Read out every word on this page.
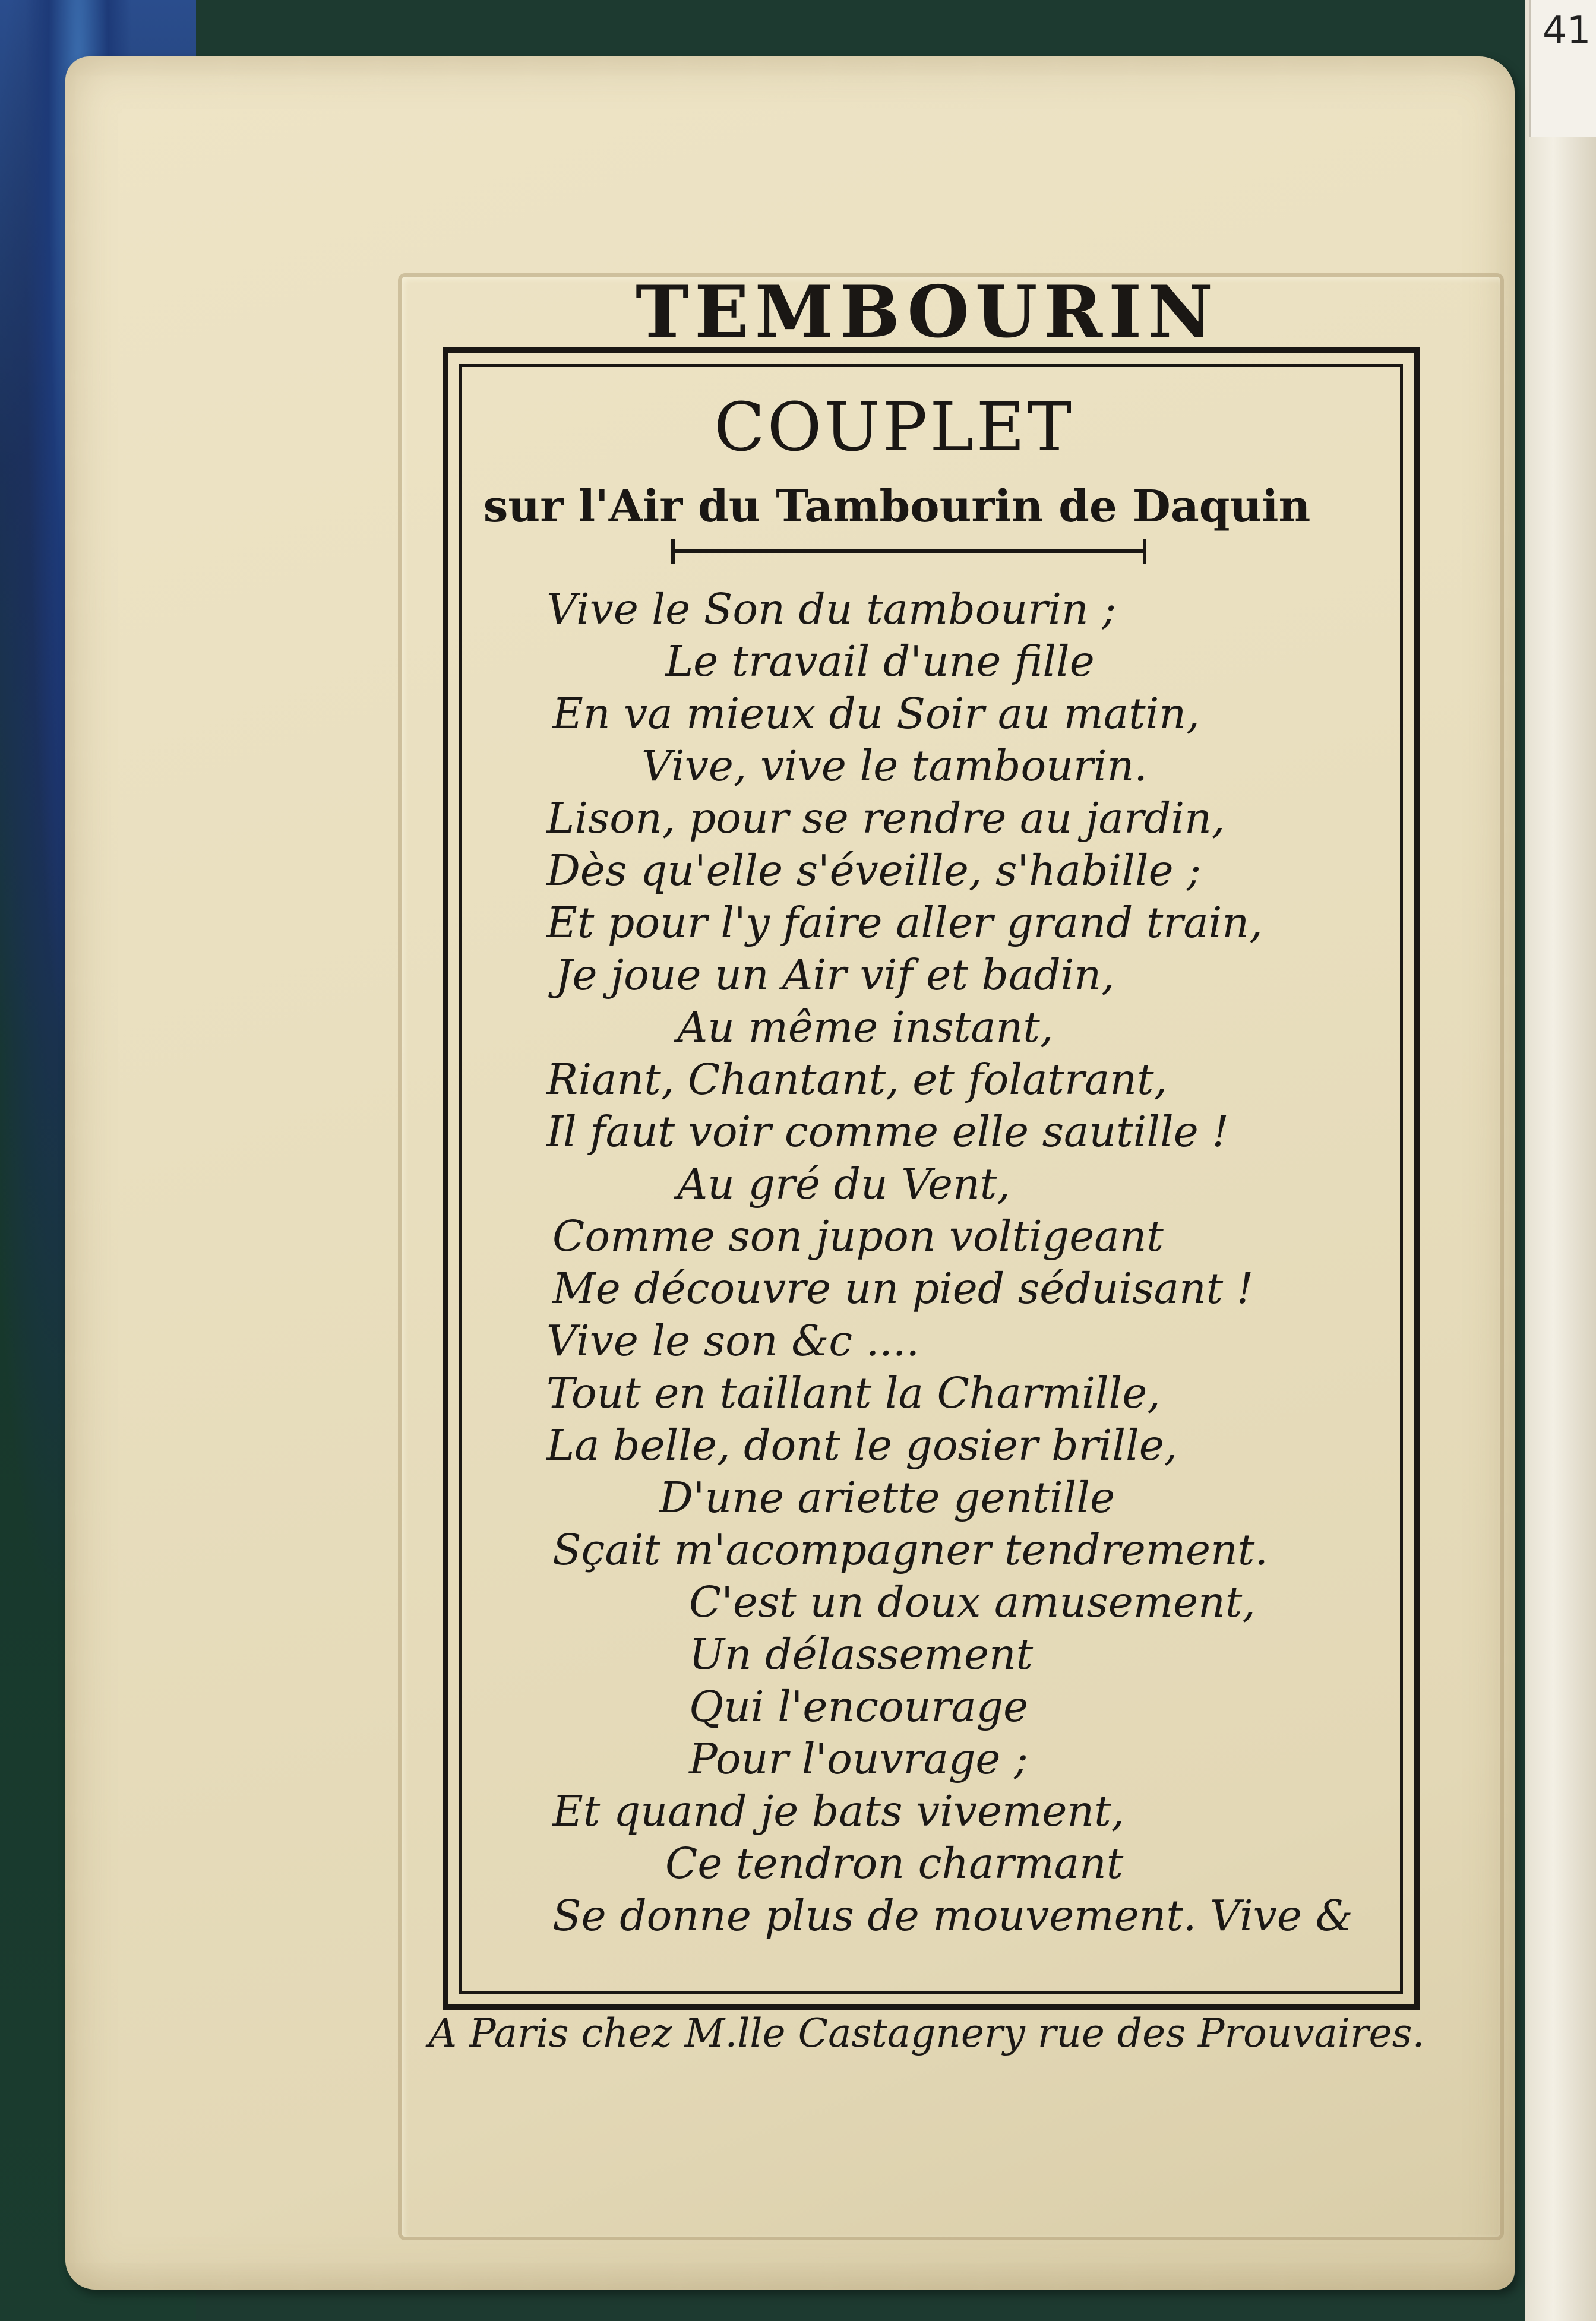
41
TEMBOURIN
COUPLET
sur l'Air du Tambourin de Daquin
Vive le Son du tambourin ;
Le travail d'une fille
En va mieux du Soir au matin,
Vive, vive le tambourin.
Lison, pour se rendre au jardin,
Dès qu'elle s'éveille, s'habille ;
Et pour l'y faire aller grand train,
Je joue un Air vif et badin,
Au même instant,
Riant, Chantant, et folatrant,
Il faut voir comme elle sautille !
Au gré du Vent,
Comme son jupon voltigeant
Me découvre un pied séduisant !
Vive le son &c ....
Tout en taillant la Charmille,
La belle, dont le gosier brille,
D'une ariette gentille
Sçait m'acompagner tendrement.
C'est un doux amusement,
Un délassement
Qui l'encourage
Pour l'ouvrage ;
Et quand je bats vivement,
Ce tendron charmant
Se donne plus de mouvement. Vive &
A Paris chez M.lle Castagnery rue des Prouvaires.
